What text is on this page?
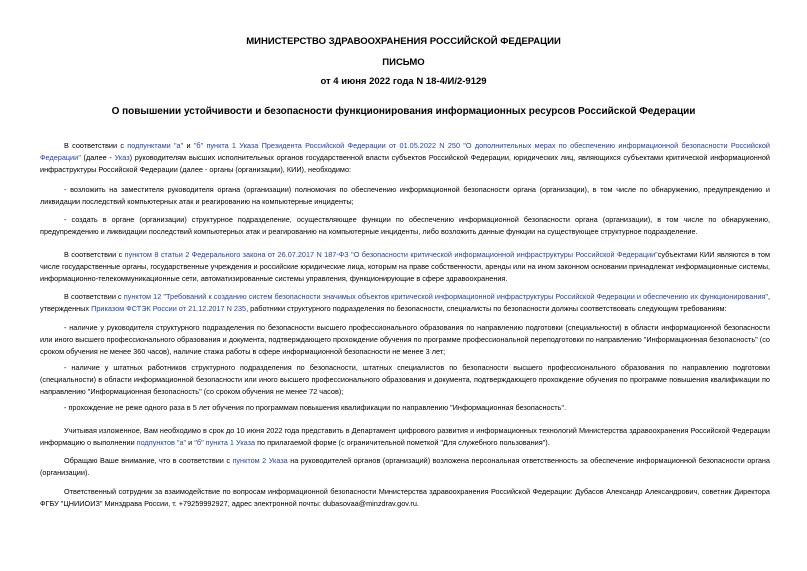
МИНИСТЕРСТВО ЗДРАВООХРАНЕНИЯ РОССИЙСКОЙ ФЕДЕРАЦИИ
ПИСЬМО
от 4 июня 2022 года N 18-4/И/2-9129
О повышении устойчивости и безопасности функционирования информационных ресурсов Российской Федерации

В соответствии с подпунктами "а" и "б" пункта 1 Указа Президента Российской Федерации от 01.05.2022 N 250 "О дополнительных мерах по обеспечению информационной безопасности Российской Федерации" (далее - Указ) руководителям высших исполнительных органов государственной власти субъектов Российской Федерации, юридических лиц, являющихся субъектами критической информационной инфраструктуры Российской Федерации (далее - органы (организации), КИИ), необходимо:

- возложить на заместителя руководителя органа (организации) полномочия по обеспечению информационной безопасности органа (организации), в том числе по обнаружению, предупреждению и ликвидации последствий компьютерных атак и реагированию на компьютерные инциденты;

- создать в органе (организации) структурное подразделение, осуществляющее функции по обеспечению информационной безопасности органа (организации), в том числе по обнаружению, предупреждению и ликвидации последствий компьютерных атак и реагированию на компьютерные инциденты, либо возложить данные функции на существующее структурное подразделение.

В соответствии с пунктом 8 статьи 2 Федерального закона от 26.07.2017 N 187-ФЗ "О безопасности критической информационной инфраструктуры Российской Федерации"субъектами КИИ являются в том числе государственные органы, государственные учреждения и российские юридические лица, которым на праве собственности, аренды или на ином законном основании принадлежат информационные системы, информационно-телекоммуникационные сети, автоматизированные системы управления, функционирующие в сфере здравоохранения.

В соответствии с пунктом 12 "Требований к созданию систем безопасности значимых объектов критической информационной инфраструктуры Российской Федерации и обеспечению их функционирования", утвержденных Приказом ФСТЭК России от 21.12.2017 N 235, работники структурного подразделения по безопасности, специалисты по безопасности должны соответствовать следующим требованиям:

- наличие у руководителя структурного подразделения по безопасности высшего профессионального образования по направлению подготовки (специальности) в области информационной безопасности или иного высшего профессионального образования и документа, подтверждающего прохождение обучения по программе профессиональной переподготовки по направлению "Информационная безопасность" (со сроком обучения не менее 360 часов), наличие стажа работы в сфере информационной безопасности не менее 3 лет;

- наличие у штатных работников структурного подразделения по безопасности, штатных специалистов по безопасности высшего профессионального образования по направлению подготовки (специальности) в области информационной безопасности или иного высшего профессионального образования и документа, подтверждающего прохождение обучения по программе повышения квалификации по направлению "Информационная безопасность" (со сроком обучения не менее 72 часов);

- прохождение не реже одного раза в 5 лет обучения по программам повышения квалификации по направлению "Информационная безопасность".

Учитывая изложенное, Вам необходимо в срок до 10 июня 2022 года представить в Департамент цифрового развития и информационных технологий Министерства здравоохранения Российской Федерации информацию о выполнении подпунктов "а" и "б" пункта 1 Указа по прилагаемой форме (с ограничительной пометкой "Для служебного пользования").

Обращаю Ваше внимание, что в соответствии с пунктом 2 Указа на руководителей органов (организаций) возложена персональная ответственность за обеспечение информационной безопасности органа (организации).

Ответственный сотрудник за взаимодействие по вопросам информационной безопасности Министерства здравоохранения Российской Федерации: Дубасов Александр Александрович, советник Директора ФГБУ "ЦНИИОИЗ" Минздрава России, т. +79259992927, адрес электронной почты: dubasovaa@minzdrav.gov.ru.
